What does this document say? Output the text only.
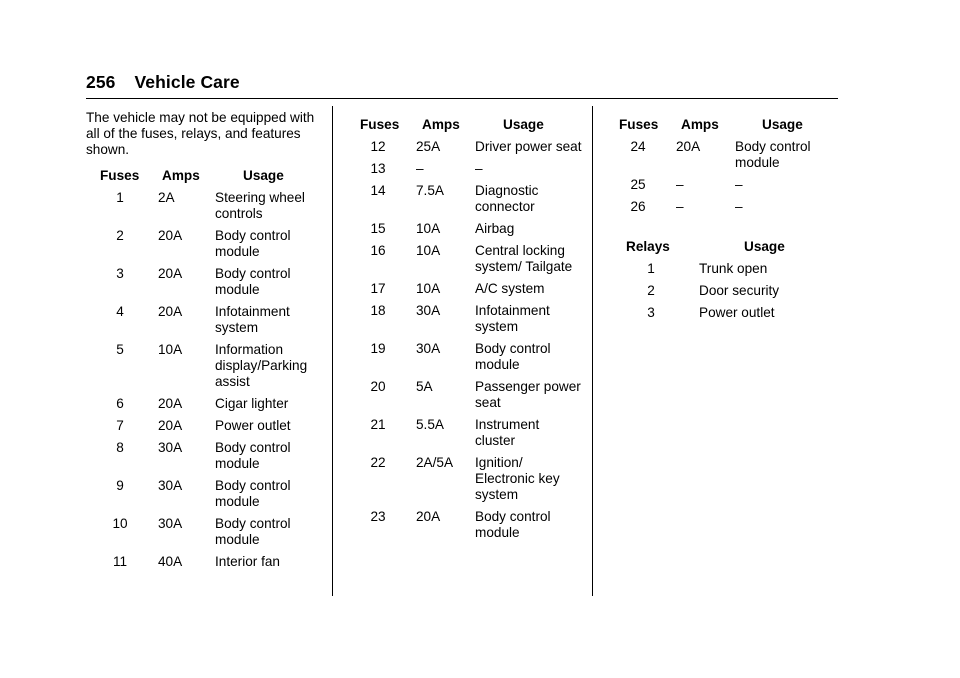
256 Vehicle Care

The vehicle may not be equipped with all of the fuses, relays, and features shown.

Fuses Amps	Usage
1	2A	Steering wheel controls
2	20A Body control module
3	20A Body control module
4	20A Infotainment system
5	10A Information display/Parking assist
6	20A Cigar lighter
7	20A Power outlet
8	30A Body control module
9	30A Body control module
10	30A Body control module
11	40A Interior fan
Fuses Amps	Usage
12	25A	Driver power seat
13	–	–
14	7.5A Diagnostic connector
15	10A	Airbag
16	10A	Central locking system/ Tailgate
17	10A	A/C system
18	30A	Infotainment system
19	30A	Body control module
20	5A	Passenger power seat
21	5.5A Instrument cluster
22	2A/5A Ignition/ Electronic key system
23	20A	Body control module
Fuses Amps	Usage
24	20A	Body control module
25	–	–
26	–	–
Relays	Usage
1	Trunk open
2	Door security
3	Power outlet
